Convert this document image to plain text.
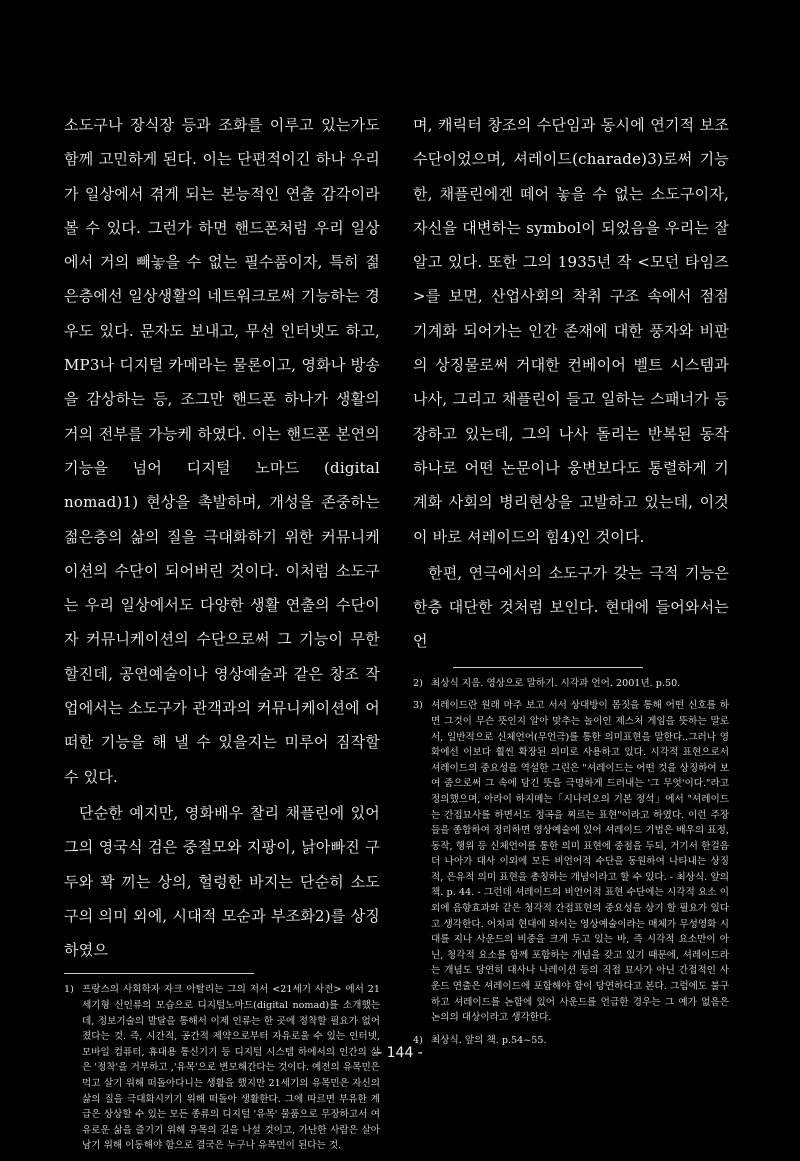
소도구나 장식장 등과 조화를 이루고 있는가도 함께 고민하게 된다. 이는 단편적이긴 하나 우리가 일상에서 겪게 되는 본능적인 연출 감각이라 볼 수 있다. 그런가 하면 핸드폰처럼 우리 일상에서 거의 빼놓을 수 없는 필수품이자, 특히 젊은층에선 일상생활의 네트워크로써 기능하는 경우도 있다. 문자도 보내고, 무선 인터넷도 하고, MP3나 디지털 카메라는 물론이고, 영화나 방송을 감상하는 등, 조그만 핸드폰 하나가 생활의 거의 전부를 가능케 하였다. 이는 핸드폰 본연의 기능을 넘어 디지털 노마드 (digital nomad)1) 현상을 촉발하며, 개성을 존중하는 젊은층의 삶의 질을 극대화하기 위한 커뮤니케이션의 수단이 되어버린 것이다. 이처럼 소도구는 우리 일상에서도 다양한 생활 연출의 수단이자 커뮤니케이션의 수단으로써 그 기능이 무한할진데, 공연예술이나 영상예술과 같은 창조 작업에서는 소도구가 관객과의 커뮤니케이션에 어떠한 기능을 해 낼 수 있을지는 미루어 짐작할 수 있다.

단순한 예지만, 영화배우 찰리 채플린에 있어 그의 영국식 검은 중절모와 지팡이, 낡아빠진 구두와 꽉 끼는 상의, 헐렁한 바지는 단순히 소도구의 의미 외에, 시대적 모순과 부조화2)를 상징하였으

1) 프랑스의 사회학자 자크 아탈리는 그의 저서 <21세기 사전> 에서 21세기형 신인류의 모습으로 디지털노마드(digital nomad)를 소개했는데, 정보기술의 발달을 통해서 이제 인류는 한 곳에 정착할 필요가 없어졌다는 것. 즉, 시간적, 공간적 제약으로부터 자유로울 수 있는 인터넷, 모바일 컴퓨터, 휴대용 통신기기 등 디지털 시스템 하에서의 인간의 삶은 '정착'을 거부하고 ,'유목'으로 변모해간다는 것이다. 예전의 유목민은 먹고 살기 위해 떠돌아다니는 생활을 했지만 21세기의 유목민은 자신의 삶의 질을 극대화시키기 위해 떠돌아 생활한다. 그에 따르면 부유한 계급은 상상할 수 있는 모든 종류의 디지털 '유목' 물품으로 무장하고서 여유로운 삶을 즐기기 위해 유목의 길을 나설 것이고, 가난한 사람은 살아 남기 위해 이동해야 함으로 결국은 누구나 유목민이 된다는 것.

며, 캐릭터 창조의 수단임과 동시에 연기적 보조 수단이었으며, 셔레이드(charade)3)로써 기능 한, 채플린에겐 떼어 놓을 수 없는 소도구이자, 자신을 대변하는 symbol이 되었음을 우리는 잘 알고 있다. 또한 그의 1935년 작 <모던 타임즈>를 보면, 산업사회의 착취 구조 속에서 점점 기계화 되어가는 인간 존재에 대한 풍자와 비판의 상징물로써 거대한 컨베이어 벨트 시스템과 나사, 그리고 채플린이 들고 일하는 스패너가 등장하고 있는데, 그의 나사 돌리는 반복된 동작 하나로 어떤 논문이나 웅변보다도 통렬하게 기계화 사회의 병리현상을 고발하고 있는데, 이것이 바로 셔레이드의 힘4)인 것이다.

한편, 연극에서의 소도구가 갖는 극적 기능은 한층 대단한 것처럼 보인다. 현대에 들어와서는 언

2) 최상식 지음. 영상으로 말하기. 시각과 언어. 2001년. p.50.
3) 셔레이드란 원래 마주 보고 서서 상대방이 몸짓을 통해 어떤 신호를 하면 그것이 무슨 뜻인지 알아 맞추는 놀이인 제스처 게임을 뜻하는 말로서, 일반적으로 신체언어(무언극)를 통한 의미표현을 말한다..그러나 영화에선 이보다 훨씬 확장된 의미로 사용하고 있다. 시각적 표현으로서 셔레이드의 중요성을 역설한 그린은 "셔레이드는 어떤 것을 상징하여 보여 줌으로써 그 속에 담긴 뜻을 극명하게 드러내는 '그 무엇'이다."라고 정의했으며, 아라이 하지메는「시나리오의 기본 정석」에서 "셔레이드는 간접묘사를 하면서도 정곡을 찌르는 표현"이라고 하였다. 이런 주장들을 종합하여 정리하면 영상예술에 있어 셔레이드 기법은 배우의 표정, 동작, 행위 등 신체언어를 통한 의미 표현에 중점을 두되, 거기서 한걸음 더 나아가 대사 이외에 모든 비언어적 수단을 동원하여 나타내는 상징적, 은유적 의미 표현을 총칭하는 개념이라고 할 수 있다. - 최상식. 앞의 책. p. 44. - 그런데 셔레이드의 비언어적 표현 수단에는 시각적 요소 이외에 음향효과와 같은 청각적 간접표현의 중요성을 상기 할 필요가 있다고 생각한다. 어차피 현대에 와서는 영상예술이라는 매체가 무성영화 시대를 지나 사운드의 비중을 크게 두고 있는 바, 즉 시각적 요소만이 아닌, 청각적 요소를 함께 포함하는 개념을 갖고 있기 때문에, 셔레이드라는 개념도 당연히 대사나 나레이션 등의 직접 묘사가 아닌 간접적인 사운드 연출은 셔레이드에 포함해야 함이 당연하다고 본다. 그럼에도 불구하고 셔레이드를 논함에 있어 사운드를 언급한 경우는 그 예가 없음은 논의의 대상이라고 생각한다.
4) 최상식. 앞의 책. p.54~55.
- 144 -
